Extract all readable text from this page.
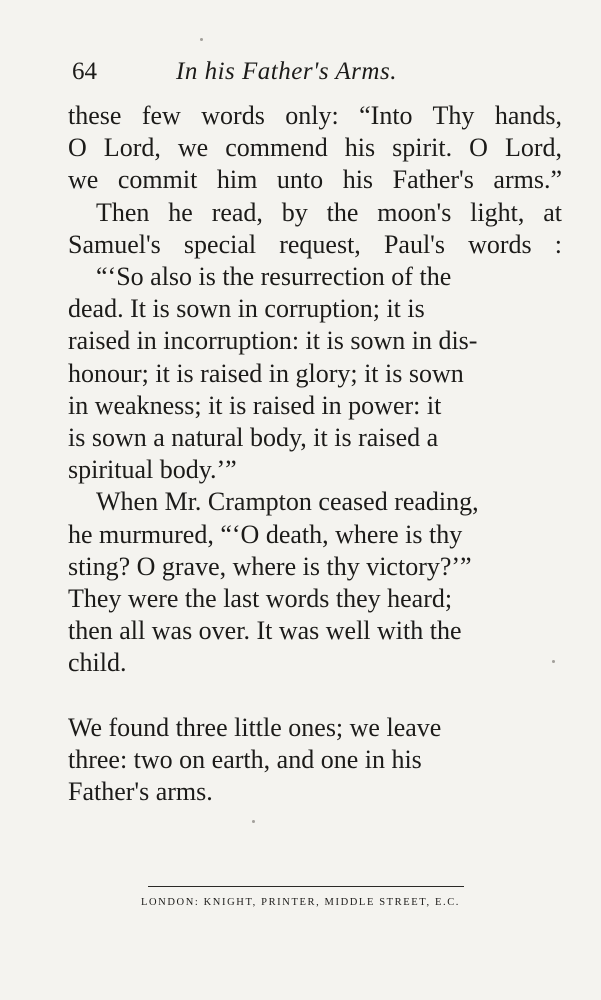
64	In his Father's Arms.

these few words only: “Into Thy hands,
O Lord, we commend his spirit. O Lord,
we commit him unto his Father's arms.”

Then he read, by the moon's light, at
Samuel's special request, Paul's words :

“‘So also is the resurrection of the
dead. It is sown in corruption; it is
raised in incorruption: it is sown in dis-
honour; it is raised in glory; it is sown
in weakness; it is raised in power: it
is sown a natural body, it is raised a
spiritual body.’”

When Mr. Crampton ceased reading,
he murmured, “‘O death, where is thy
sting? O grave, where is thy victory?’”
They were the last words they heard;
then all was over. It was well with the
child.

We found three little ones; we leave
three: two on earth, and one in his
Father's arms.

LONDON: KNIGHT, PRINTER, MIDDLE STREET, E.C.
